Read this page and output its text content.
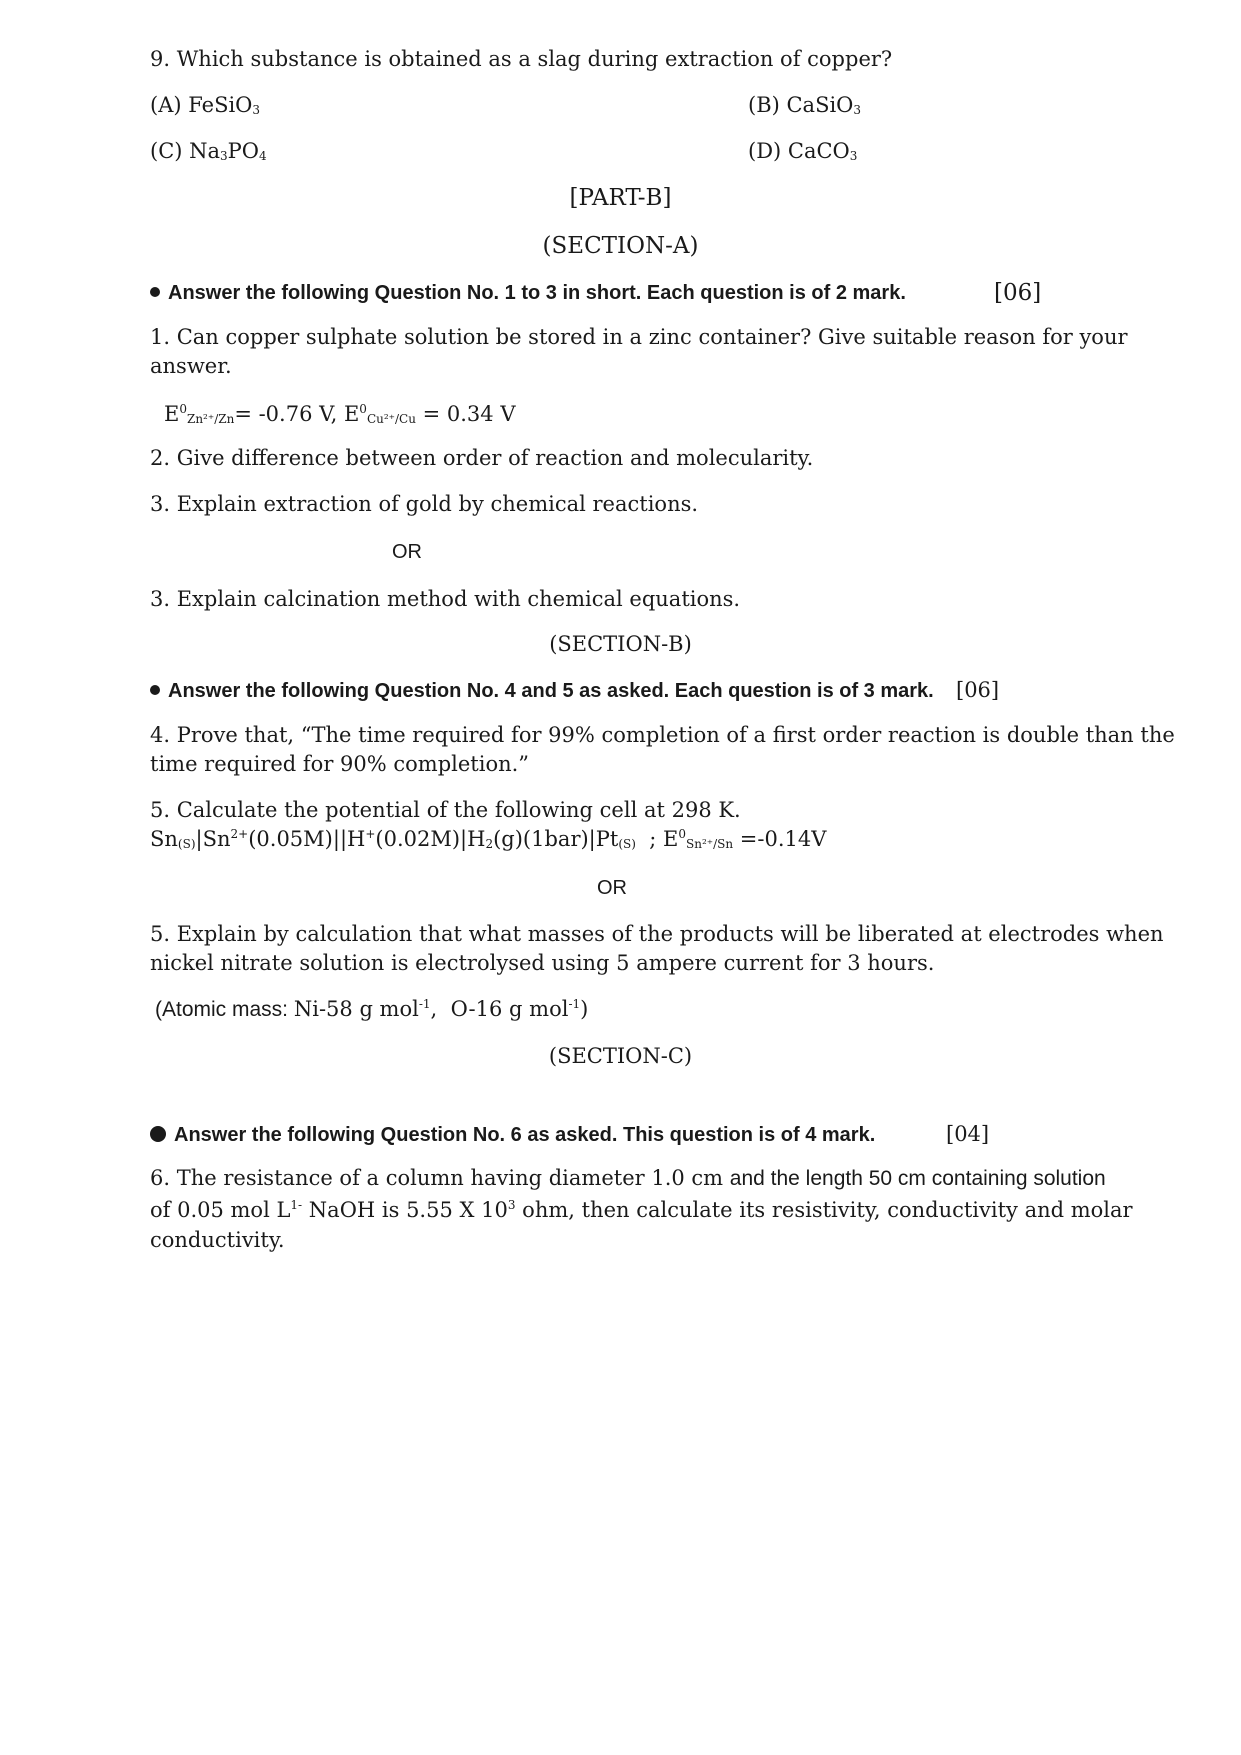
9. Which substance is obtained as a slag during extraction of copper?
(A) FeSiO$_3$	(B) CaSiO$_3$
(C) $Na_3PO_4$	(D) CaCO$_3$
[PART-B]
(SECTION-A)
Answer the following Question No. 1 to 3 in short. Each question is of 2 mark.	[06]
1. Can copper sulphate solution be stored in a zinc container? Give suitable reason for your
answer.
$E^0_{Zn^{2+}/Zn}= -0.76$ V, $E^0_{Cu^{2+}/Cu} = 0.34$ V
2. Give difference between order of reaction and molecularity.
3. Explain extraction of gold by chemical reactions.
OR
3. Explain calcination method with chemical equations.
(SECTION-B)
Answer the following Question No. 4 and 5 as asked. Each question is of 3 mark. [06]
4. Prove that, “The time required for 99% completion of a first order reaction is double than the
time required for 90% completion.”
5. Calculate the potential of the following cell at 298 K.
$Sn_{(S)}|Sn^{2+}(0.05M)||H^+(0.02M)|H_2(g)(1bar)|Pt_{(S)}$  ; $E^0_{Sn^{2+}/Sn} =-0.14V$
OR
5. Explain by calculation that what masses of the products will be liberated at electrodes when
nickel nitrate solution is electrolysed using 5 ampere current for 3 hours.
(Atomic mass: Ni-58 g mol$^{-1}$,  O-16 g mol$^{-1}$)
(SECTION-C)
Answer the following Question No. 6 as asked. This question is of 4 mark.	[04]
6. The resistance of a column having diameter 1.0 cm and the length 50 cm containing solution
of 0.05 mol $L^{1-}$ NaOH is 5.55 X $10^3$ ohm, then calculate its resistivity, conductivity and molar
conductivity.
